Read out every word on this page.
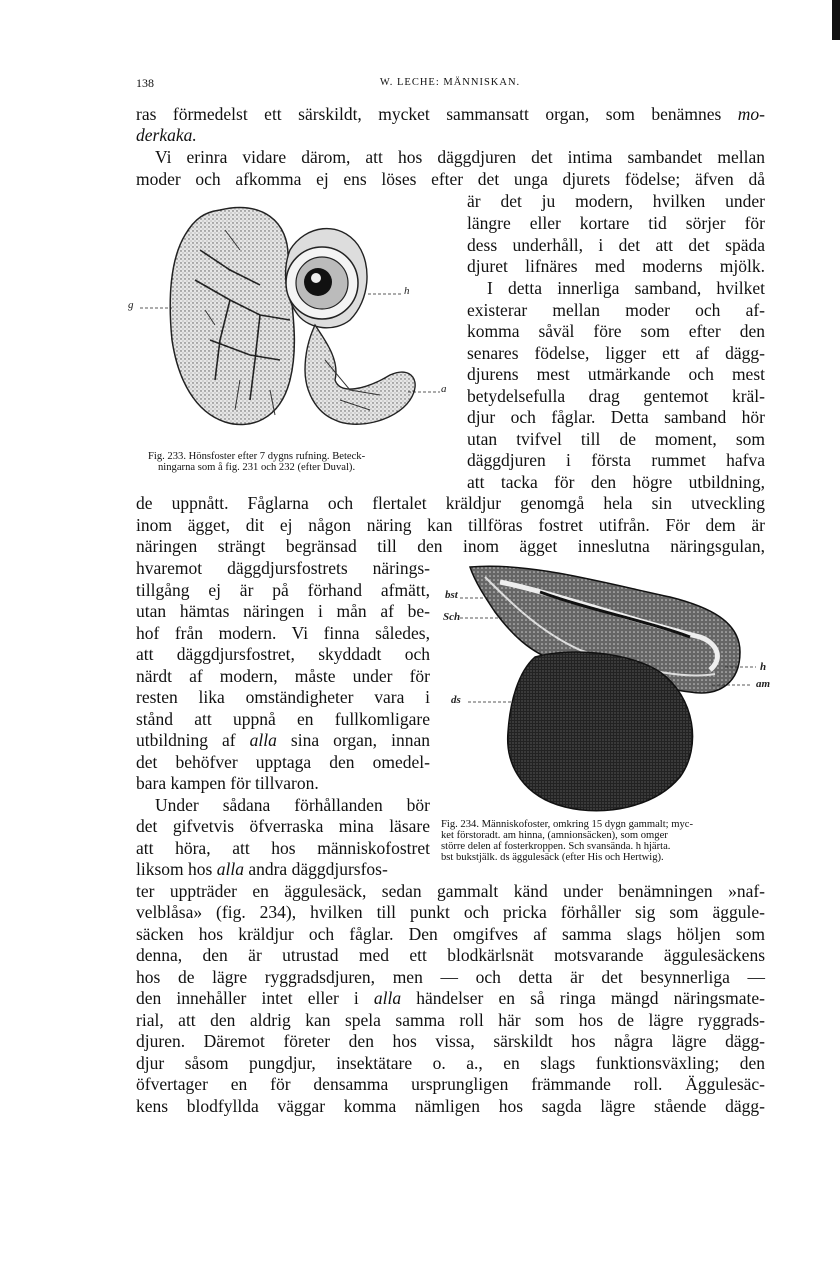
138	W. LECHE: MÄNNISKAN.
ras förmedelst ett särskildt, mycket sammansatt organ, som benämnes mo-
derkaka.
Vi erinra vidare därom, att hos däggdjuren det intima sambandet mellan
moder och afkomma ej ens löses efter det unga djurets födelse; äfven då
är det ju modern, hvilken under
längre eller kortare tid sörjer för
dess underhåll, i det att det späda
djuret lifnäres med moderns mjölk.
I detta innerliga samband, hvilket
existerar mellan moder och af-
komma såväl före som efter den
senares födelse, ligger ett af dägg-
djurens mest utmärkande och mest
betydelsefulla drag gentemot kräl-
djur och fåglar. Detta samband hör
utan tvifvel till de moment, som
däggdjuren i första rummet hafva
att tacka för den högre utbildning,
de uppnått. Fåglarna och flertalet kräldjur genomgå hela sin utveckling
inom ägget, dit ej någon näring kan tillföras fostret utifrån. För dem är
näringen strängt begränsad till den inom ägget inneslutna näringsgulan,
hvaremot däggdjursfostrets närings-
tillgång ej är på förhand afmätt,
utan hämtas näringen i mån af be-
hof från modern. Vi finna således,
att däggdjursfostret, skyddadt och
närdt af modern, måste under för
resten lika omständigheter vara i
stånd att uppnå en fullkomligare
utbildning af alla sina organ, innan
det behöfver upptaga den omedel-
bara kampen för tillvaron.
Under sådana förhållanden bör
det gifvetvis öfverraska mina läsare
att höra, att hos människofostret
liksom hos alla andra däggdjursfos-
ter uppträder en äggulesäck, sedan gammalt känd under benämningen »naf-
velblåsa» (fig. 234), hvilken till punkt och pricka förhåller sig som äggule-
säcken hos kräldjur och fåglar. Den omgifves af samma slags höljen som
denna, den är utrustad med ett blodkärlsnät motsvarande äggulesäckens
hos de lägre ryggradsdjuren, men — och detta är det besynnerliga —
den innehåller intet eller i alla händelser en så ringa mängd näringsmate-
rial, att den aldrig kan spela samma roll här som hos de lägre ryggrads-
djuren. Däremot företer den hos vissa, särskildt hos några lägre dägg-
djur såsom pungdjur, insektätare o. a., en slags funktionsväxling; den
öfvertager en för densamma ursprungligen främmande roll. Äggulesäc-
kens blodfyllda väggar komma nämligen hos sagda lägre stående dägg-
g
h
a
Fig. 233. Hönsfoster efter 7 dygns rufning. Beteck-
ningarna som å fig. 231 och 232 (efter Duval).
bst
Sch
ds
h
am
Fig. 234. Människofoster, omkring 15 dygn gammalt; myc-
ket förstoradt. am hinna, (amnionsäcken), som omger
större delen af fosterkroppen. Sch svansända. h hjärta.
bst bukstjälk. ds äggulesäck (efter His och Hertwig).
